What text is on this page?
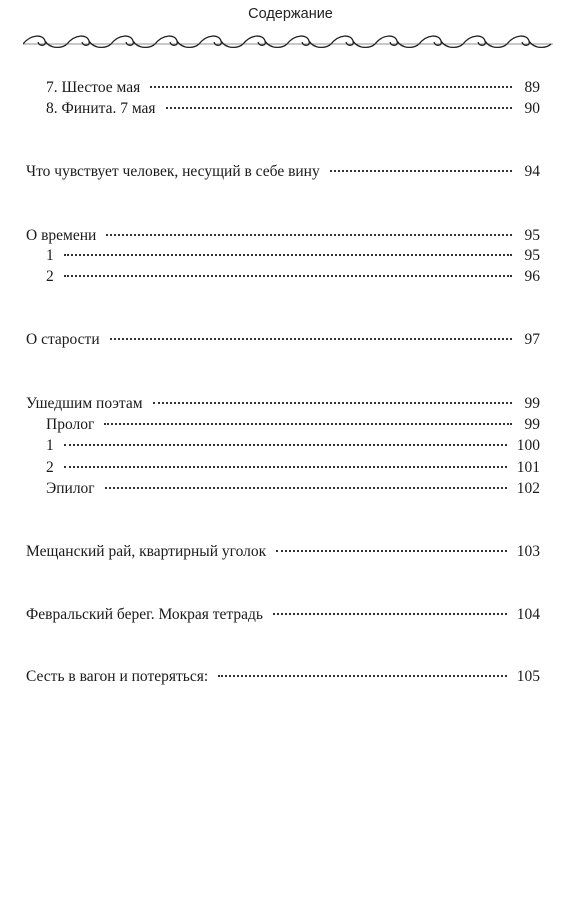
Содержание
7. Шестое мая	89
8. Финита. 7 мая	90
Что чувствует человек, несущий в себе вину	94
О времени	95
1	95
2	96
О старости	97
Ушедшим поэтам	99
Пролог	99
1	100
2	101
Эпилог	102
Мещанский рай, квартирный уголок	103
Февральский берег. Мокрая тетрадь	104
Сесть в вагон и потеряться:	105
